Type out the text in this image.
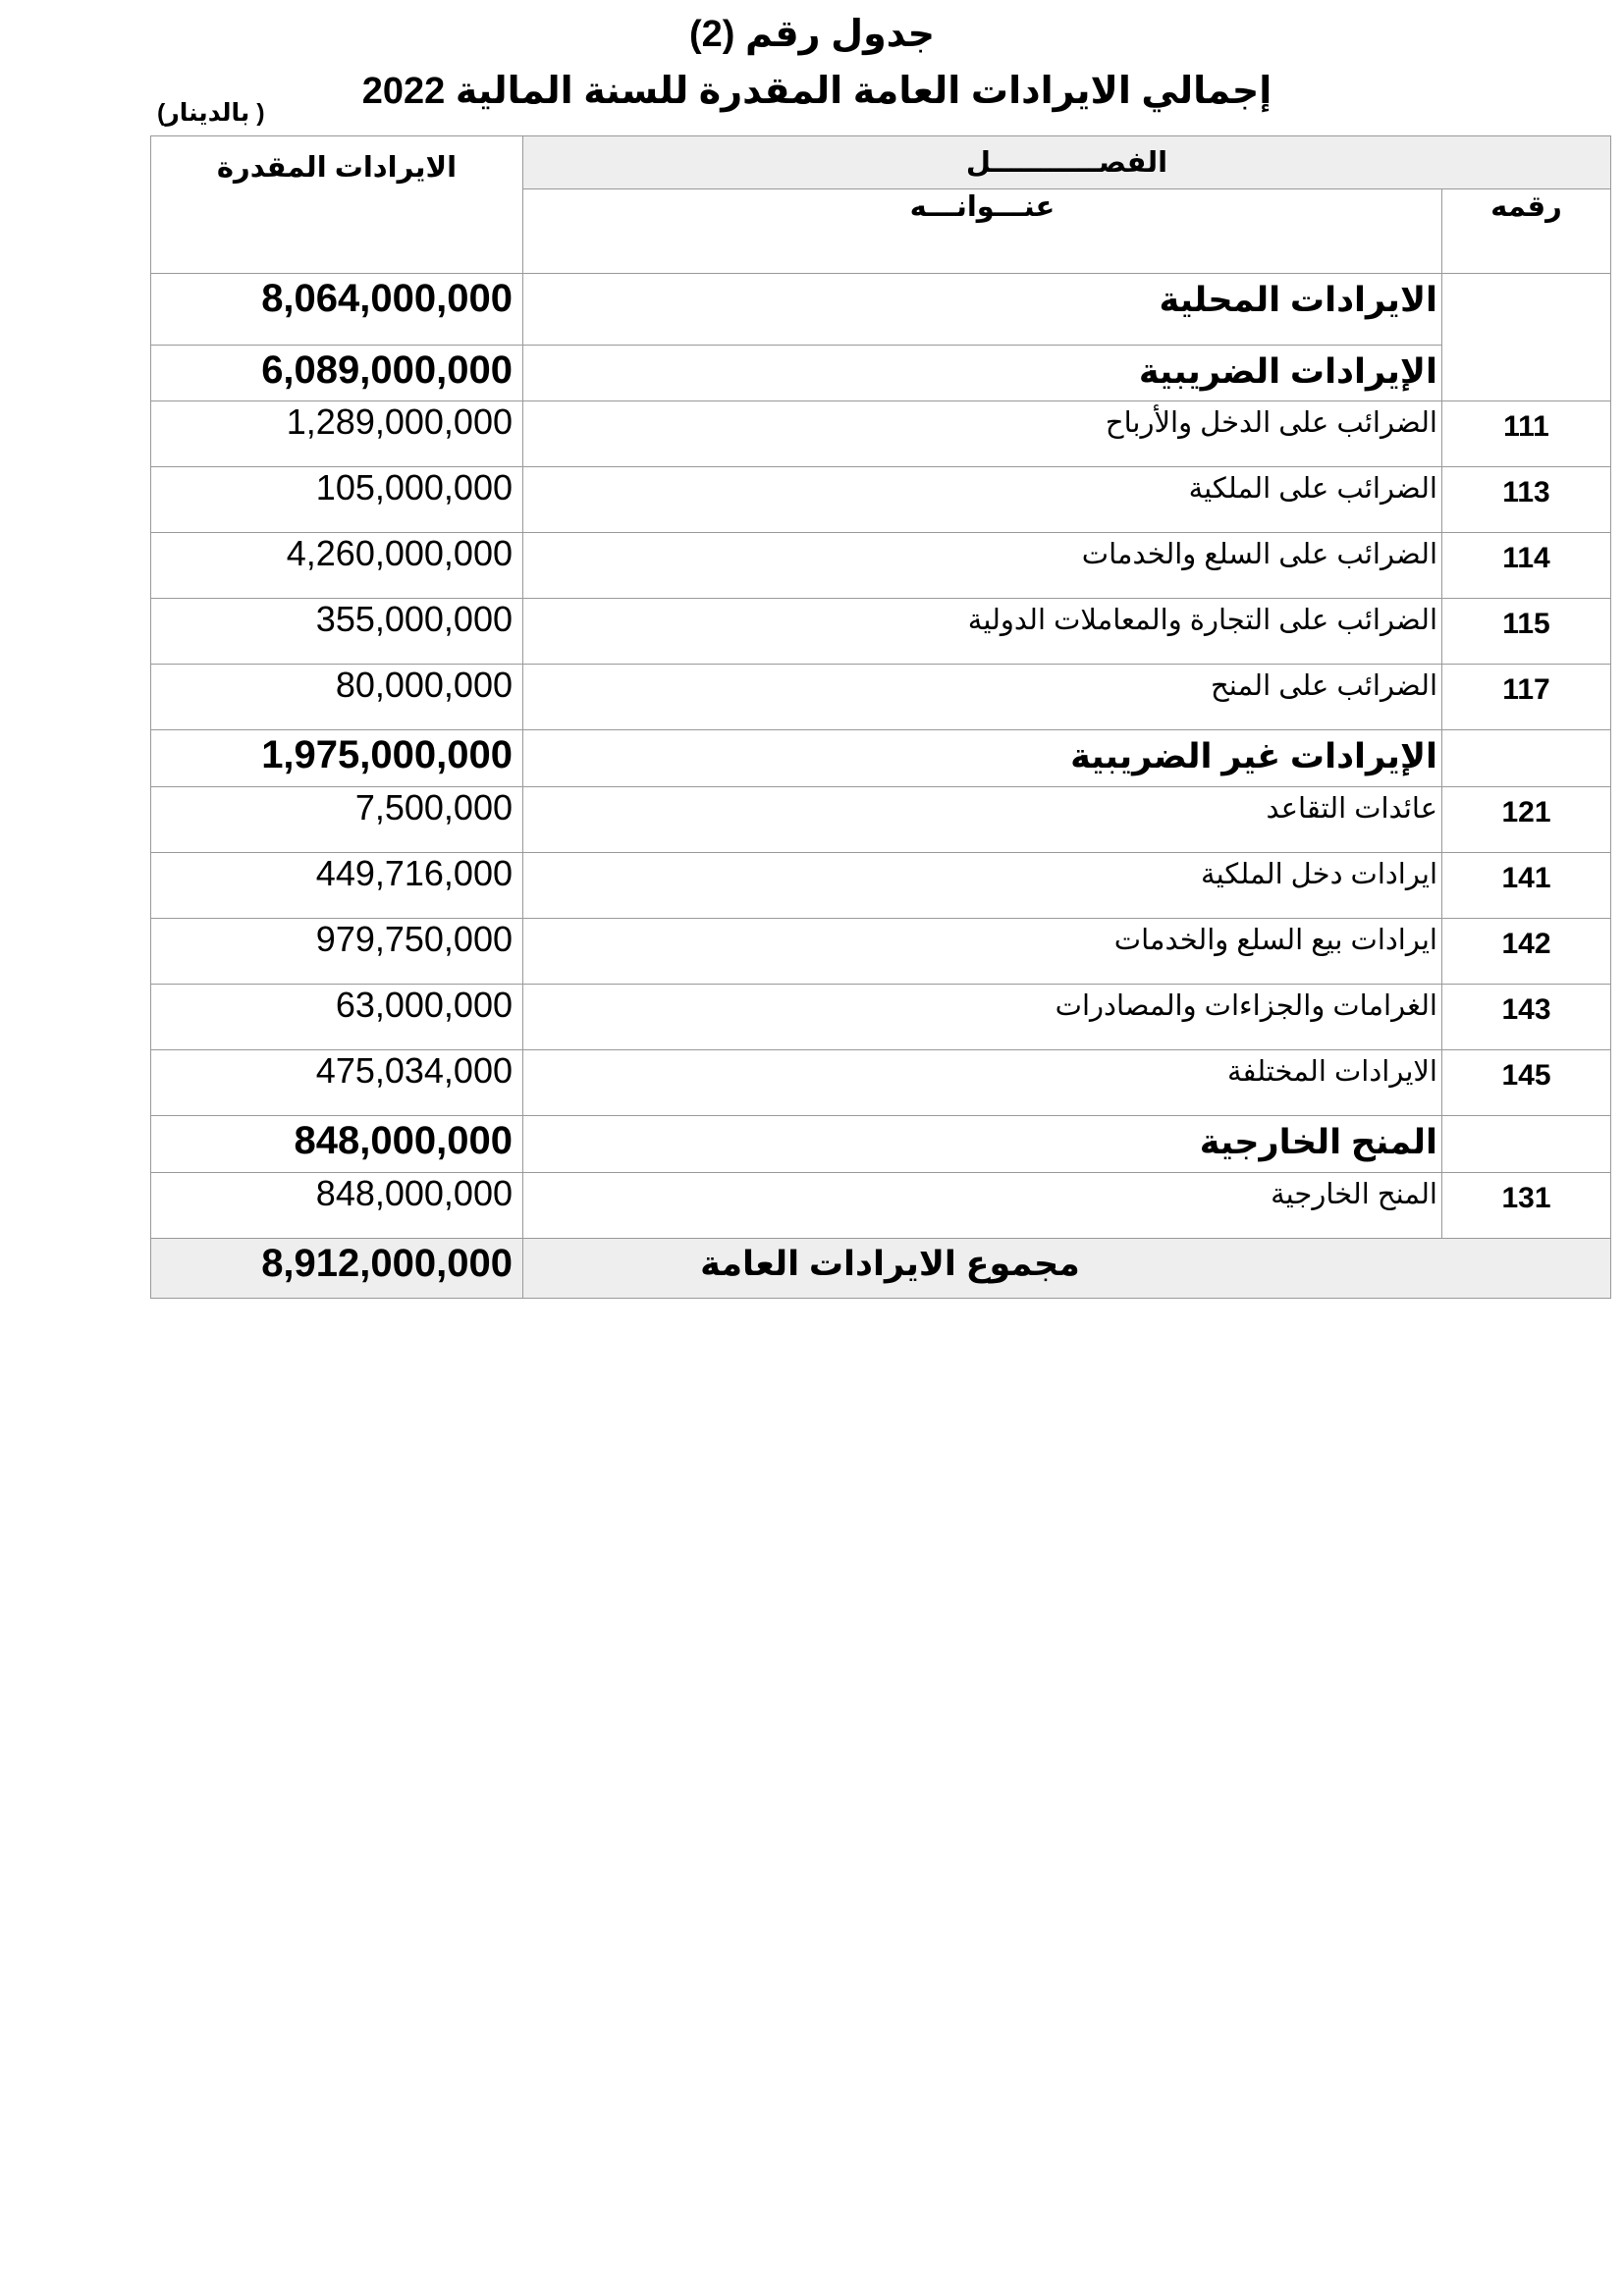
جدول رقم (2)
إجمالي الايرادات العامة المقدرة للسنة المالية 2022
( بالدينار)
	الفصـــــــــــل	

الايرادات المقدرة	عنـــوانـــه	رقمه
8,064,000,000	الايرادات المحلية	
6,089,000,000	الإيرادات الضريبية	
1,289,000,000	الضرائب على الدخل والأرباح	111
105,000,000	الضرائب على الملكية	113
4,260,000,000	الضرائب على السلع والخدمات	114
355,000,000	الضرائب على التجارة والمعاملات الدولية	115
80,000,000	الضرائب على المنح	117
1,975,000,000	الإيرادات غير الضريبية	
7,500,000	عائدات التقاعد	121
449,716,000	ايرادات دخل الملكية	141
979,750,000	ايرادات بيع السلع والخدمات	142
63,000,000	الغرامات والجزاءات والمصادرات	143
475,034,000	الايرادات المختلفة	145
848,000,000	المنح الخارجية	
848,000,000	المنح الخارجية	131
8,912,000,000	مجموع الايرادات العامة	
